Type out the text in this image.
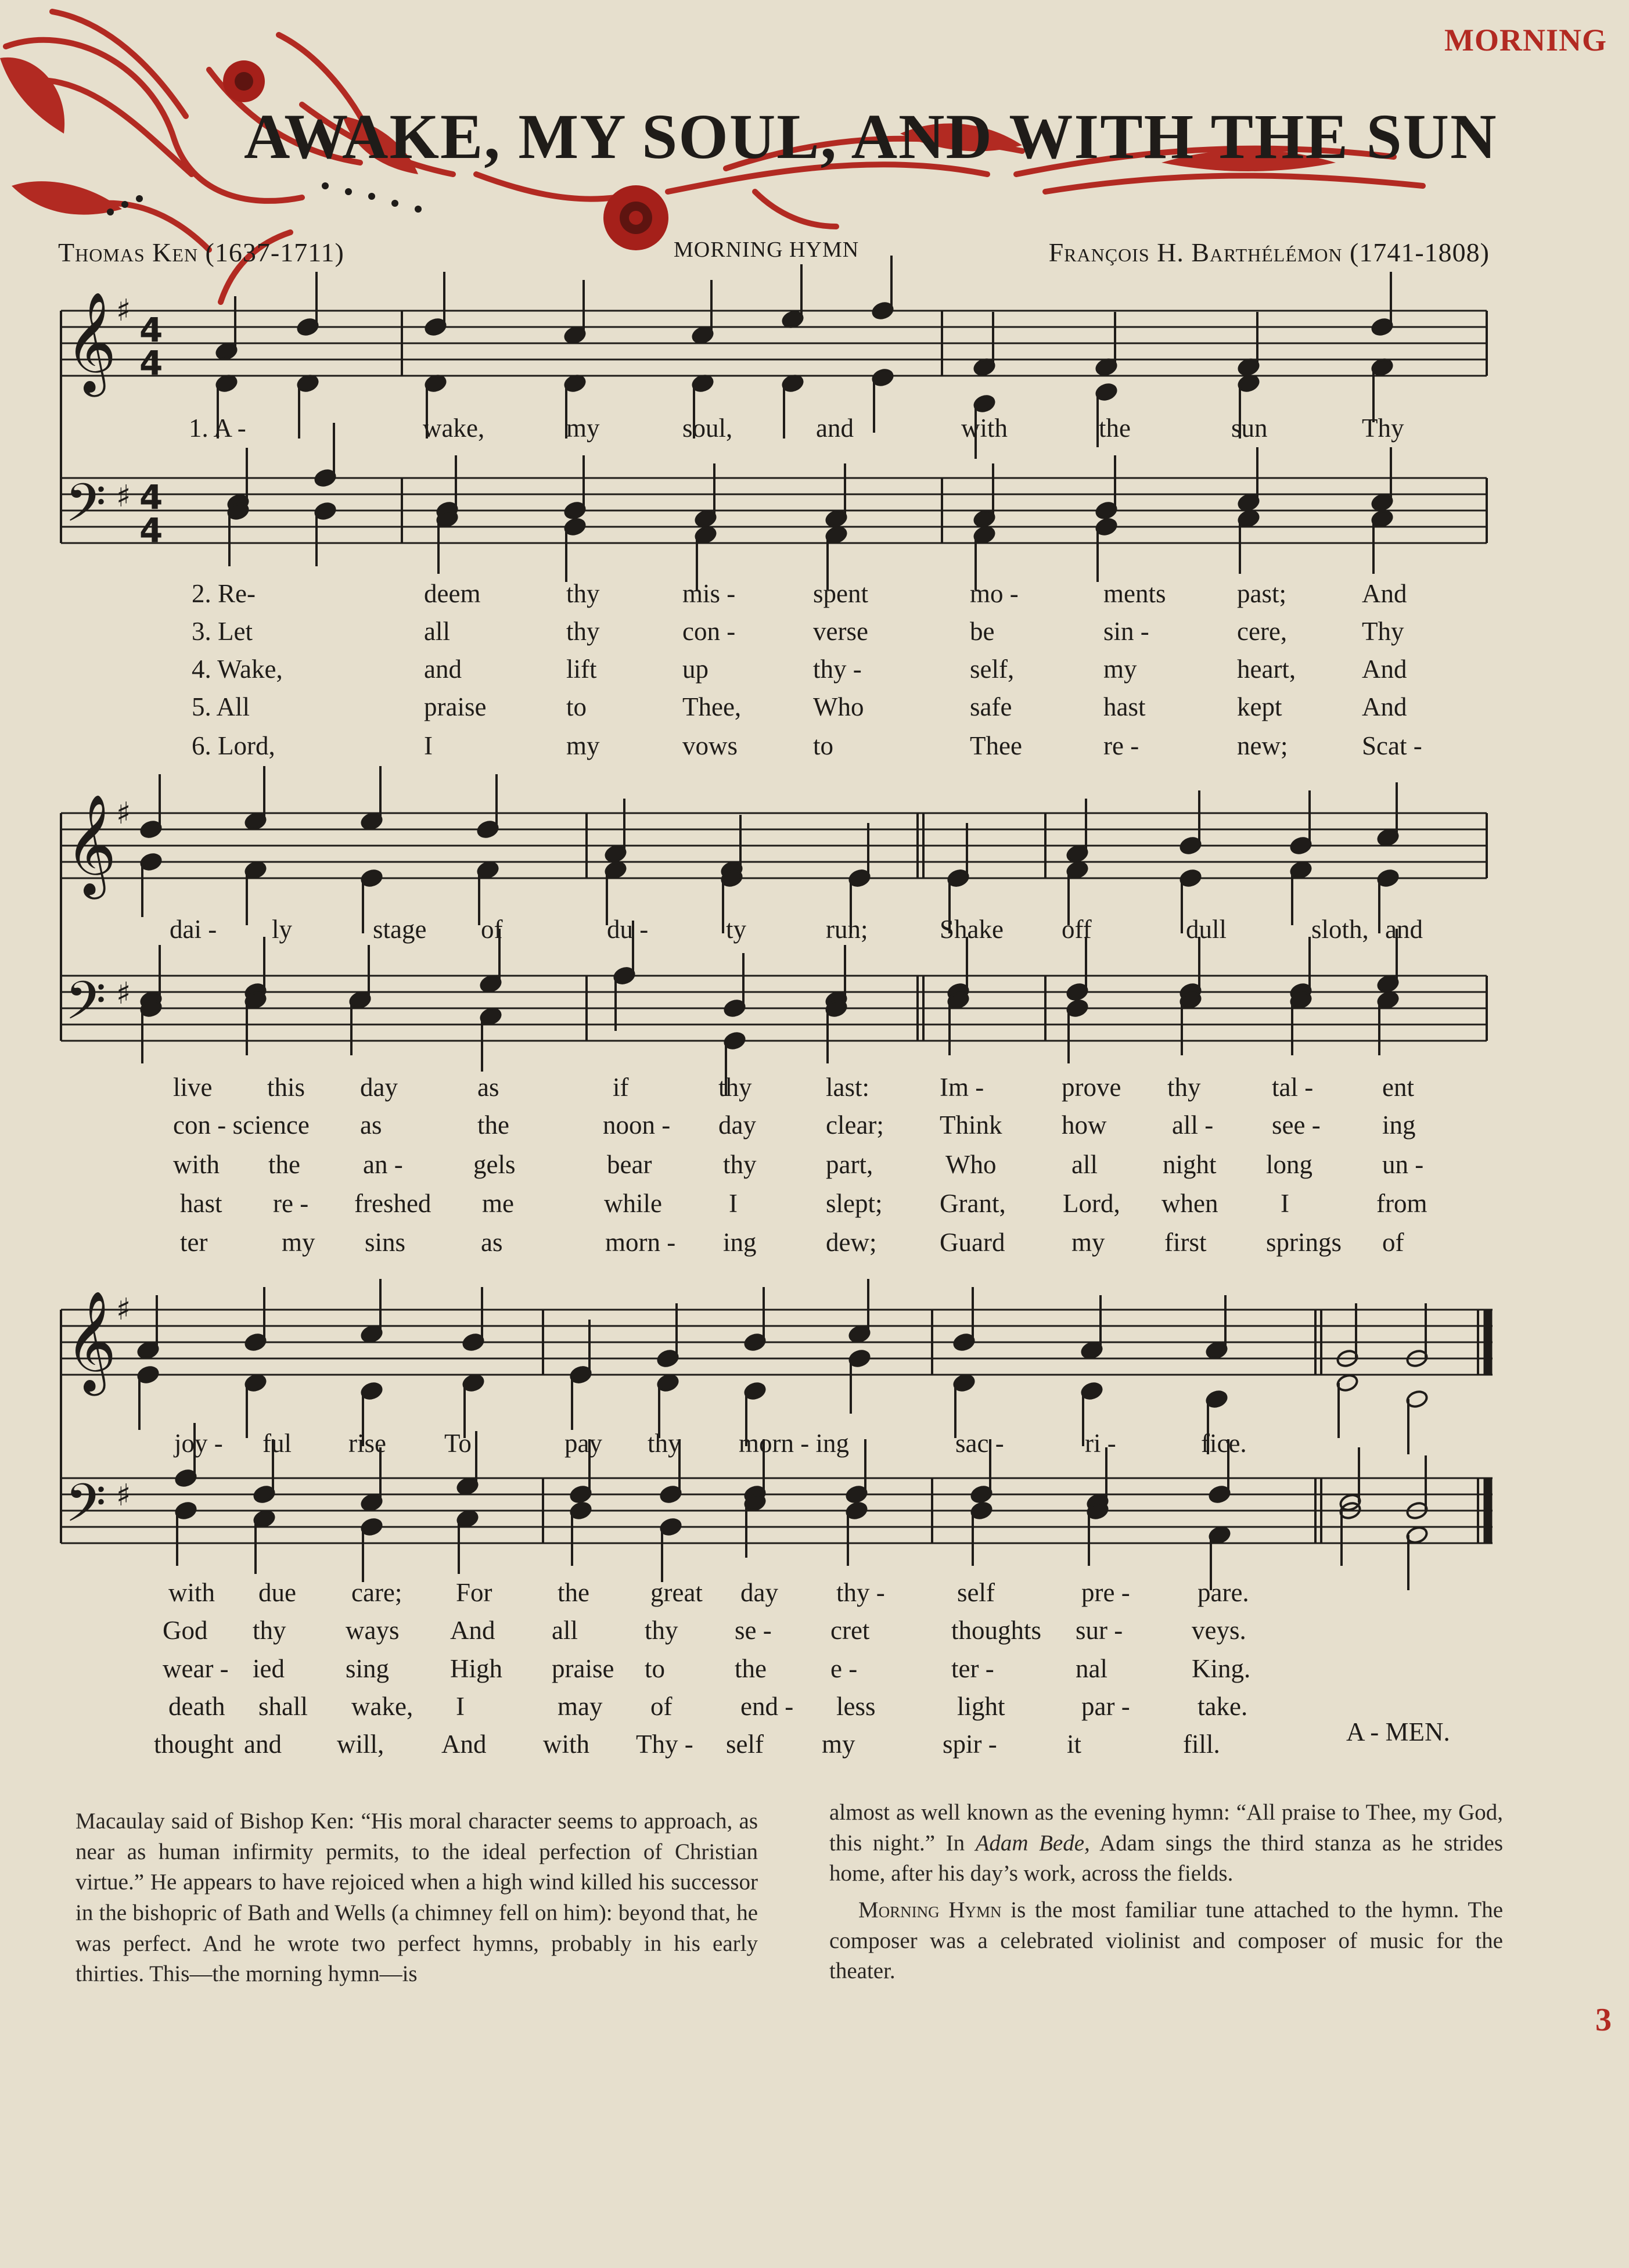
𝄞
𝄢
𝄞
𝄢
𝄞
𝄢
♯
♯
♯
♯
♯
♯
4
4
4
4
MORNING
AWAKE, MY SOUL, AND WITH THE SUN
Thomas Ken (1637-1711)	MORNING HYMN	François H. Barthélémon (1741-1808)
1. A -	wake,	my	soul,	and	with	the	sun	Thy
2. Re-	deem	thy	mis -	spent	mo -	ments	past;	And
3. Let	all	thy	con -	verse	be	sin -	cere,	Thy
4. Wake,	and	lift	up	thy -	self,	my	heart,	And
5. All	praise	to	Thee,	Who	safe	hast	kept	And
6. Lord,	I	my	vows	to	Thee	re -	new;	Scat -
dai - ly	stage of	du -	ty	run;	Shake off	dull	sloth, and
live this day	as	if	thy	last:	Im -	prove thy	tal -	ent
con - science as	the	noon - day	clear; Think how	all - see - ing
with the an -	gels	bear	thy	part,	Who	all night long	un -
hast re - freshed me	while	I	slept; Grant, Lord, when I	from
ter	my sins	as	morn - ing	dew; Guard	my first springs of
joy - ful rise To	pay thy morn - ing	sac -	ri -	fice.
with due care; For the great day thy -	self	pre -	pare.
God thy ways And all	thy se - cret	thoughts sur -	veys.
wear - ied sing High praise to	the e -	ter -	nal	King.
death shall wake, I	may of	end - less	light	par -	take.
thought and will, And with Thy - self my	spir -	it	fill.	A - MEN.

Macaulay said of Bishop Ken: “His moral character seems to approach, as near as human infirmity permits, to the ideal perfection of Christian virtue.” He appears to have rejoiced when a high wind killed his successor in the bishopric of Bath and Wells (a chimney fell on him): beyond that, he was perfect. And he wrote two perfect hymns, probably in his early thirties. This—the morning hymn—is

almost as well known as the evening hymn: “All praise to Thee, my God, this night.” In Adam Bede, Adam sings the third stanza as he strides home, after his day’s work, across the fields.

Morning Hymn is the most familiar tune attached to the hymn. The composer was a celebrated violinist and composer of music for the theater.

3
